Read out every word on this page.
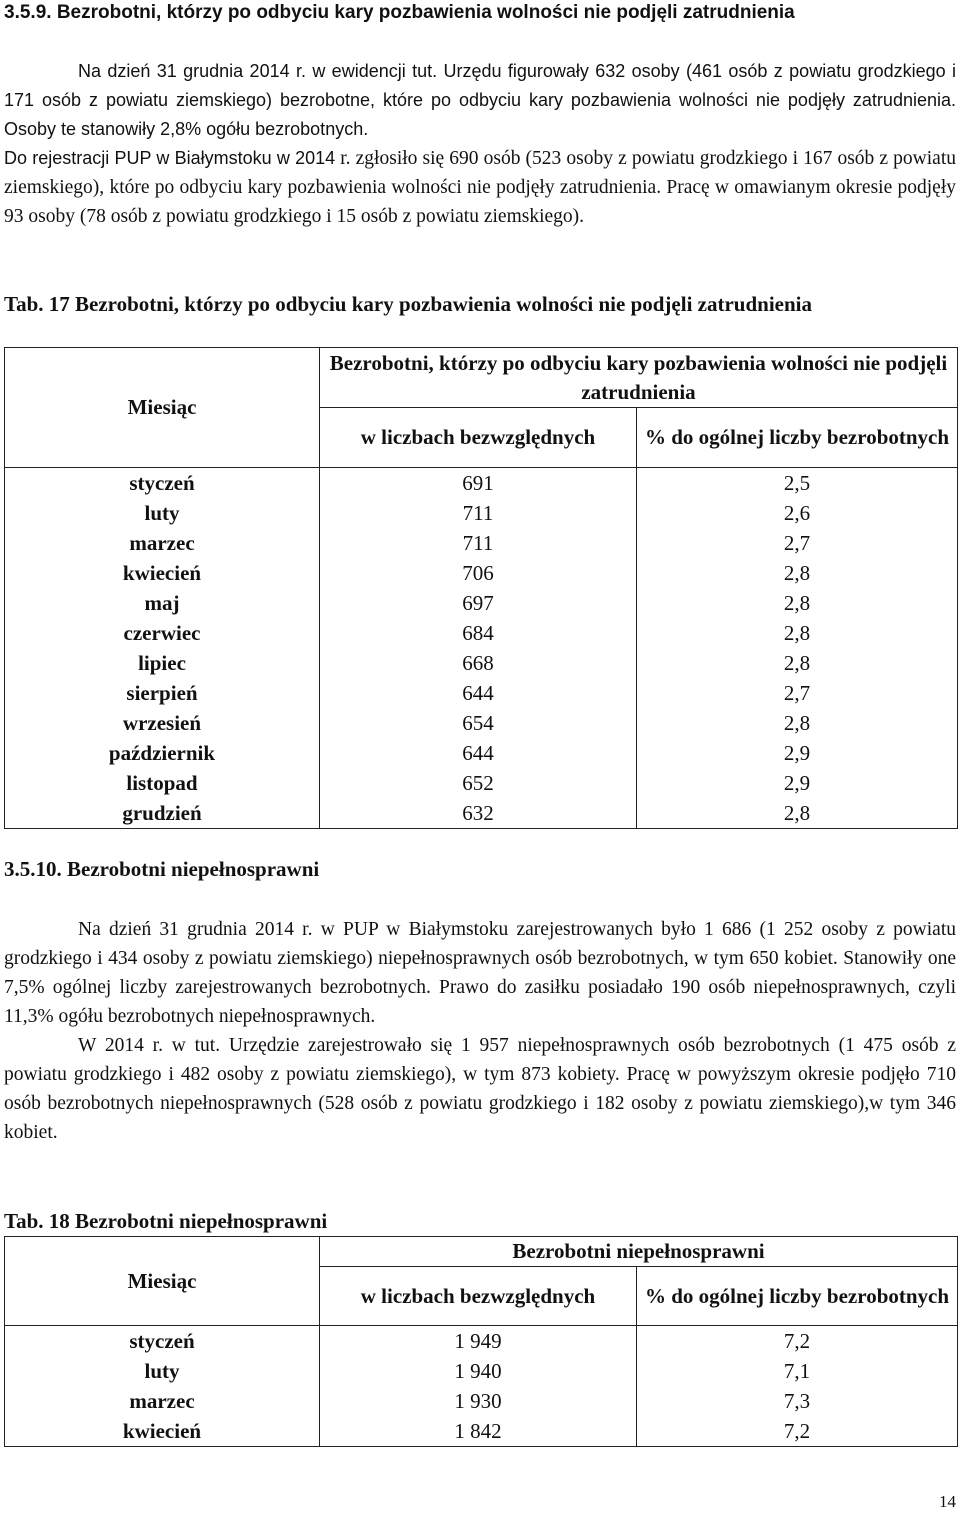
3.5.9. Bezrobotni, którzy po odbyciu kary pozbawienia wolności nie podjęli zatrudnienia
Na dzień 31 grudnia 2014 r. w ewidencji tut. Urzędu figurowały 632 osoby (461 osób z powiatu grodzkiego i 171 osób z powiatu ziemskiego) bezrobotne, które po odbyciu kary pozbawienia wolności nie podjęły zatrudnienia. Osoby te stanowiły 2,8% ogółu bezrobotnych.
Do rejestracji PUP w Białymstoku w 2014 r. zgłosiło się 690 osób (523 osoby z powiatu grodzkiego i 167 osób z powiatu ziemskiego), które po odbyciu kary pozbawienia wolności nie podjęły zatrudnienia. Pracę w omawianym okresie podjęły 93 osoby (78 osób z powiatu grodzkiego i 15 osób z powiatu ziemskiego).
Tab. 17 Bezrobotni, którzy po odbyciu kary pozbawienia wolności nie podjęli zatrudnienia
Miesiąc	Bezrobotni, którzy po odbyciu kary pozbawienia wolności nie podjęli zatrudnienia	
	w liczbach bezwzględnych	% do ogólnej liczby bezrobotnych
styczeń	691	2,5
luty	711	2,6
marzec	711	2,7
kwiecień	706	2,8
maj	697	2,8
czerwiec	684	2,8
lipiec	668	2,8
sierpień	644	2,7
wrzesień	654	2,8
październik	644	2,9
listopad	652	2,9
grudzień	632	2,8
3.5.10. Bezrobotni niepełnosprawni
Na dzień 31 grudnia 2014 r. w PUP w Białymstoku zarejestrowanych było 1 686 (1 252 osoby z powiatu grodzkiego i 434 osoby z powiatu ziemskiego) niepełnosprawnych osób bezrobotnych, w tym 650 kobiet. Stanowiły one 7,5% ogólnej liczby zarejestrowanych bezrobotnych. Prawo do zasiłku posiadało 190 osób niepełnosprawnych, czyli 11,3% ogółu bezrobotnych niepełnosprawnych.
W 2014 r. w tut. Urzędzie zarejestrowało się 1 957 niepełnosprawnych osób bezrobotnych (1 475 osób z powiatu grodzkiego i 482 osoby z powiatu ziemskiego), w tym 873 kobiety. Pracę w powyższym okresie podjęło 710 osób bezrobotnych niepełnosprawnych (528 osób z powiatu grodzkiego i 182 osoby z powiatu ziemskiego),w tym 346 kobiet.
Tab. 18 Bezrobotni niepełnosprawni
Miesiąc	Bezrobotni niepełnosprawni	
	w liczbach bezwzględnych	% do ogólnej liczby bezrobotnych
styczeń	1 949	7,2
luty	1 940	7,1
marzec	1 930	7,3
kwiecień	1 842	7,2
14
